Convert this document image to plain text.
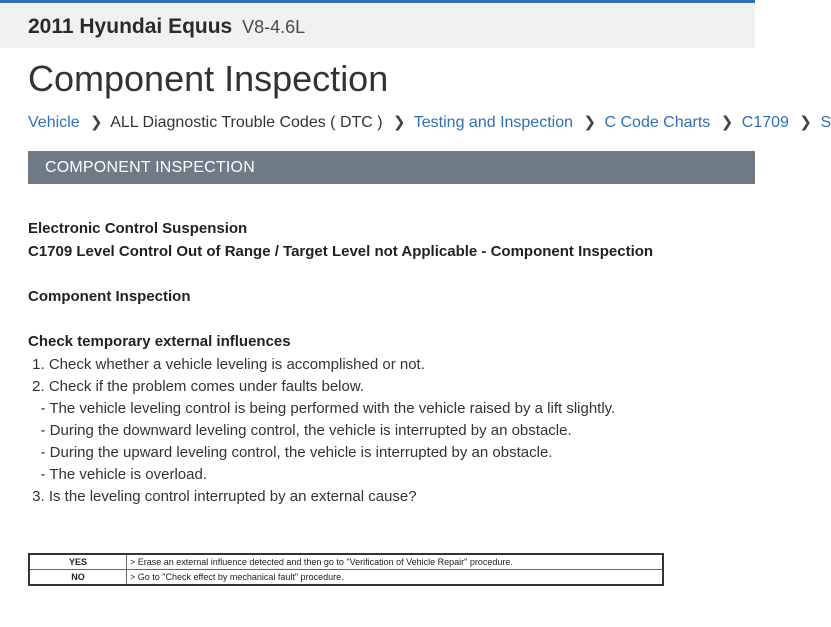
2011 Hyundai Equus V8-4.6L
Component Inspection
Vehicle ❯ ALL Diagnostic Trouble Codes ( DTC ) ❯ Testing and Inspection ❯ C Code Charts ❯ C1709 ❯ S
COMPONENT INSPECTION
Electronic Control Suspension
C1709 Level Control Out of Range / Target Level not Applicable - Component Inspection
Component Inspection
Check temporary external influences
1. Check whether a vehicle leveling is accomplished or not.
2. Check if the problem comes under faults below.
- The vehicle leveling control is being performed with the vehicle raised by a lift slightly.
- During the downward leveling control, the vehicle is interrupted by an obstacle.
- During the upward leveling control, the vehicle is interrupted by an obstacle.
- The vehicle is overload.
3. Is the leveling control interrupted by an external cause?
YES	> Erase an external influence detected and then go to "Verification of Vehicle Repair" procedure.
NO	> Go to "Check effect by mechanical fault" procedure.
